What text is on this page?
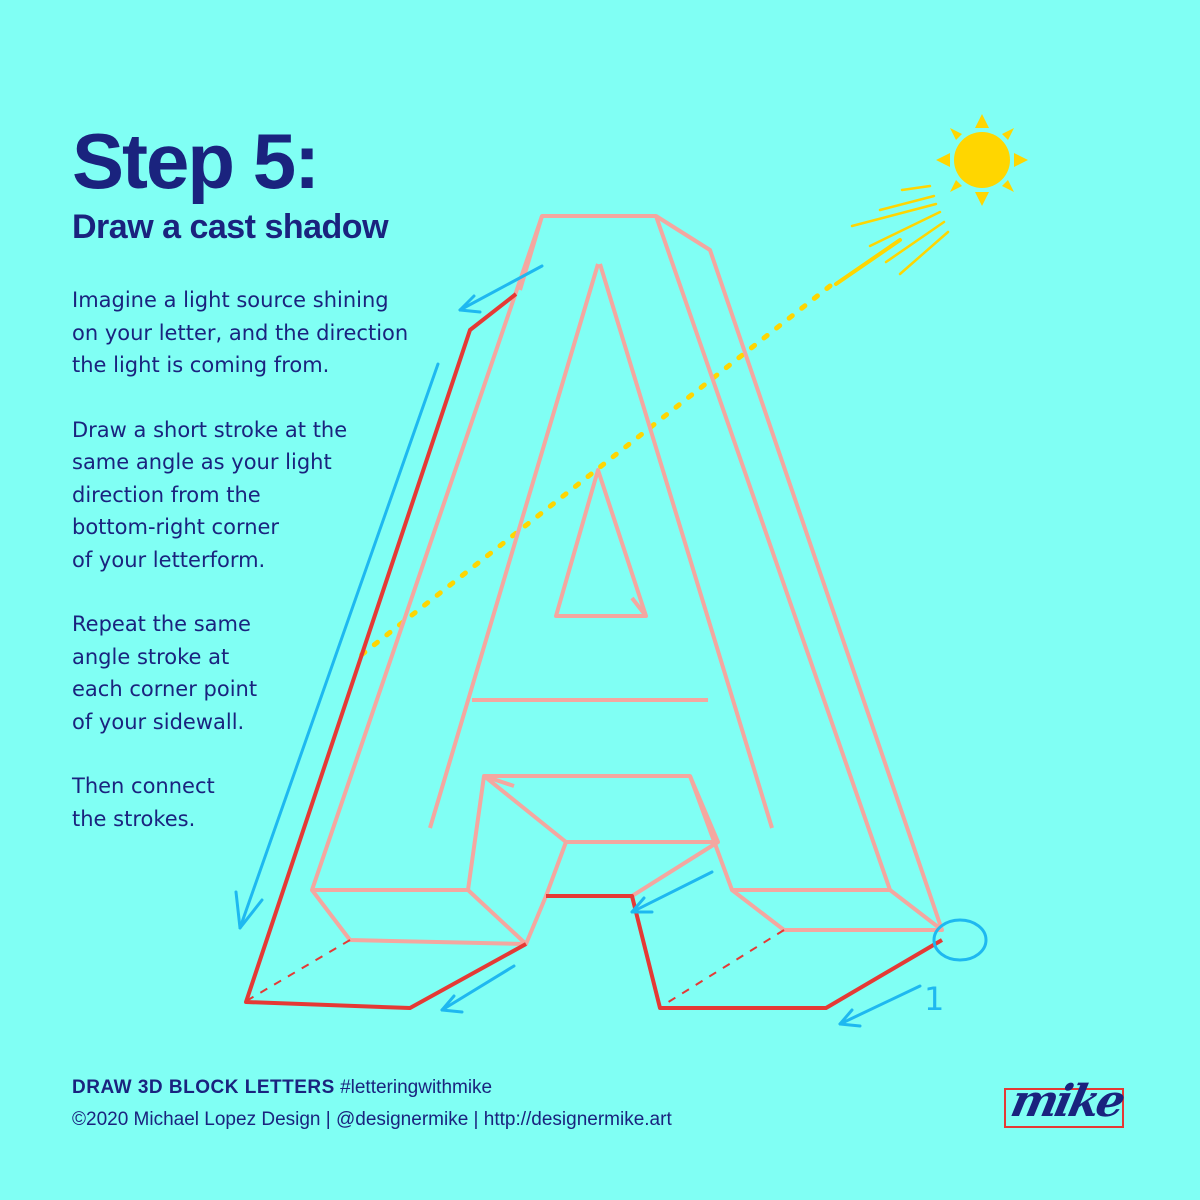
Step 5:
Draw a cast shadow

Imagine a light source shining
on your letter, and the direction
the light is coming from.

Draw a short stroke at the
same angle as your light
direction from the
bottom-right corner
of your letterform.

Repeat the same
angle stroke at
each corner point
of your sidewall.

Then connect
the strokes.

1
DRAW 3D BLOCK LETTERS #letteringwithmike
©2020 Michael Lopez Design | @designermike | http://designermike.art	mike
